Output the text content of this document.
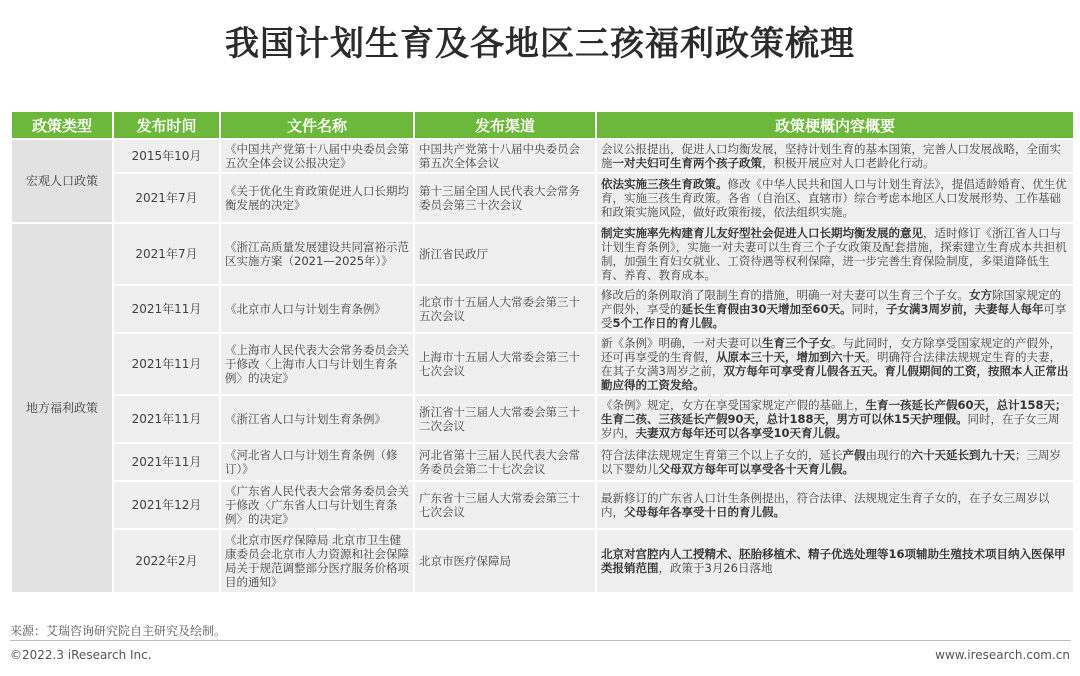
我国计划生育及各地区三孩福利政策梳理
政策类型	发布时间	文件名称	发布渠道	政策梗概内容概要
宏观人口政策	2015年10月	《中国共产党第十八届中央委员会第五次全体会议公报决定》	中国共产党第十八届中央委员会第五次全体会议	会议公报提出，促进人口均衡发展，坚持计划生育的基本国策，完善人口发展战略，全面实施一对夫妇可生育两个孩子政策，积极开展应对人口老龄化行动。
	2021年7月	《关于优化生育政策促进人口长期均衡发展的决定》	第十三届全国人民代表大会常务委员会第三十次会议	依法实施三孩生育政策。修改《中华人民共和国人口与计划生育法》，提倡适龄婚育、优生优育，实施三孩生育政策。各省（自治区、直辖市）综合考虑本地区人口发展形势、工作基础和政策实施风险，做好政策衔接，依法组织实施。
地方福利政策	2021年7月	《浙江高质量发展建设共同富裕示范区实施方案（2021—2025年）》	浙江省民政厅	制定实施率先构建育儿友好型社会促进人口长期均衡发展的意见，适时修订《浙江省人口与计划生育条例》，实施一对夫妻可以生育三个子女政策及配套措施，探索建立生育成本共担机制，加强生育妇女就业、工资待遇等权利保障，进一步完善生育保险制度，多渠道降低生育、养育、教育成本。
	2021年11月	《北京市人口与计划生育条例》	北京市十五届人大常委会第三十五次会议	修改后的条例取消了限制生育的措施，明确一对夫妻可以生育三个子女。女方除国家规定的产假外，享受的延长生育假由30天增加至60天。同时，子女满3周岁前，夫妻每人每年可享受5个工作日的育儿假。
	2021年11月	《上海市人民代表大会常务委员会关于修改〈上海市人口与计划生育条例〉的决定》	上海市十五届人大常委会第三十七次会议	新《条例》明确，一对夫妻可以生育三个子女。与此同时，女方除享受国家规定的产假外，还可再享受的生育假，从原本三十天，增加到六十天。明确符合法律法规规定生育的夫妻，在其子女满3周岁之前，双方每年可享受育儿假各五天。育儿假期间的工资，按照本人正常出勤应得的工资发给。
	2021年11月	《浙江省人口与计划生育条例》	浙江省十三届人大常委会第三十二次会议	《条例》规定，女方在享受国家规定产假的基础上，生育一孩延长产假60天，总计158天；生育二孩、三孩延长产假90天，总计188天，男方可以休15天护理假。同时，在子女三周岁内，夫妻双方每年还可以各享受10天育儿假。
	2021年11月	《河北省人口与计划生育条例（修订）》	河北省第十三届人民代表大会常务委员会第二十七次会议	符合法律法规规定生育第三个以上子女的，延长产假由现行的六十天延长到九十天；三周岁以下婴幼儿父母双方每年可以享受各十天育儿假。
	2021年12月	《广东省人民代表大会常务委员会关于修改〈广东省人口与计划生育条例〉的决定》	广东省十三届人大常委会第三十七次会议	最新修订的广东省人口计生条例提出，符合法律、法规规定生育子女的，在子女三周岁以内，父母每年各享受十日的育儿假。
	2022年2月	《北京市医疗保障局 北京市卫生健康委员会北京市人力资源和社会保障局关于规范调整部分医疗服务价格项目的通知》	北京市医疗保障局	北京对宫腔内人工授精术、胚胎移植术、精子优选处理等16项辅助生殖技术项目纳入医保甲类报销范围，政策于3月26日落地
来源：艾瑞咨询研究院自主研究及绘制。
©2022.3 iResearch Inc.	www.iresearch.com.cn
